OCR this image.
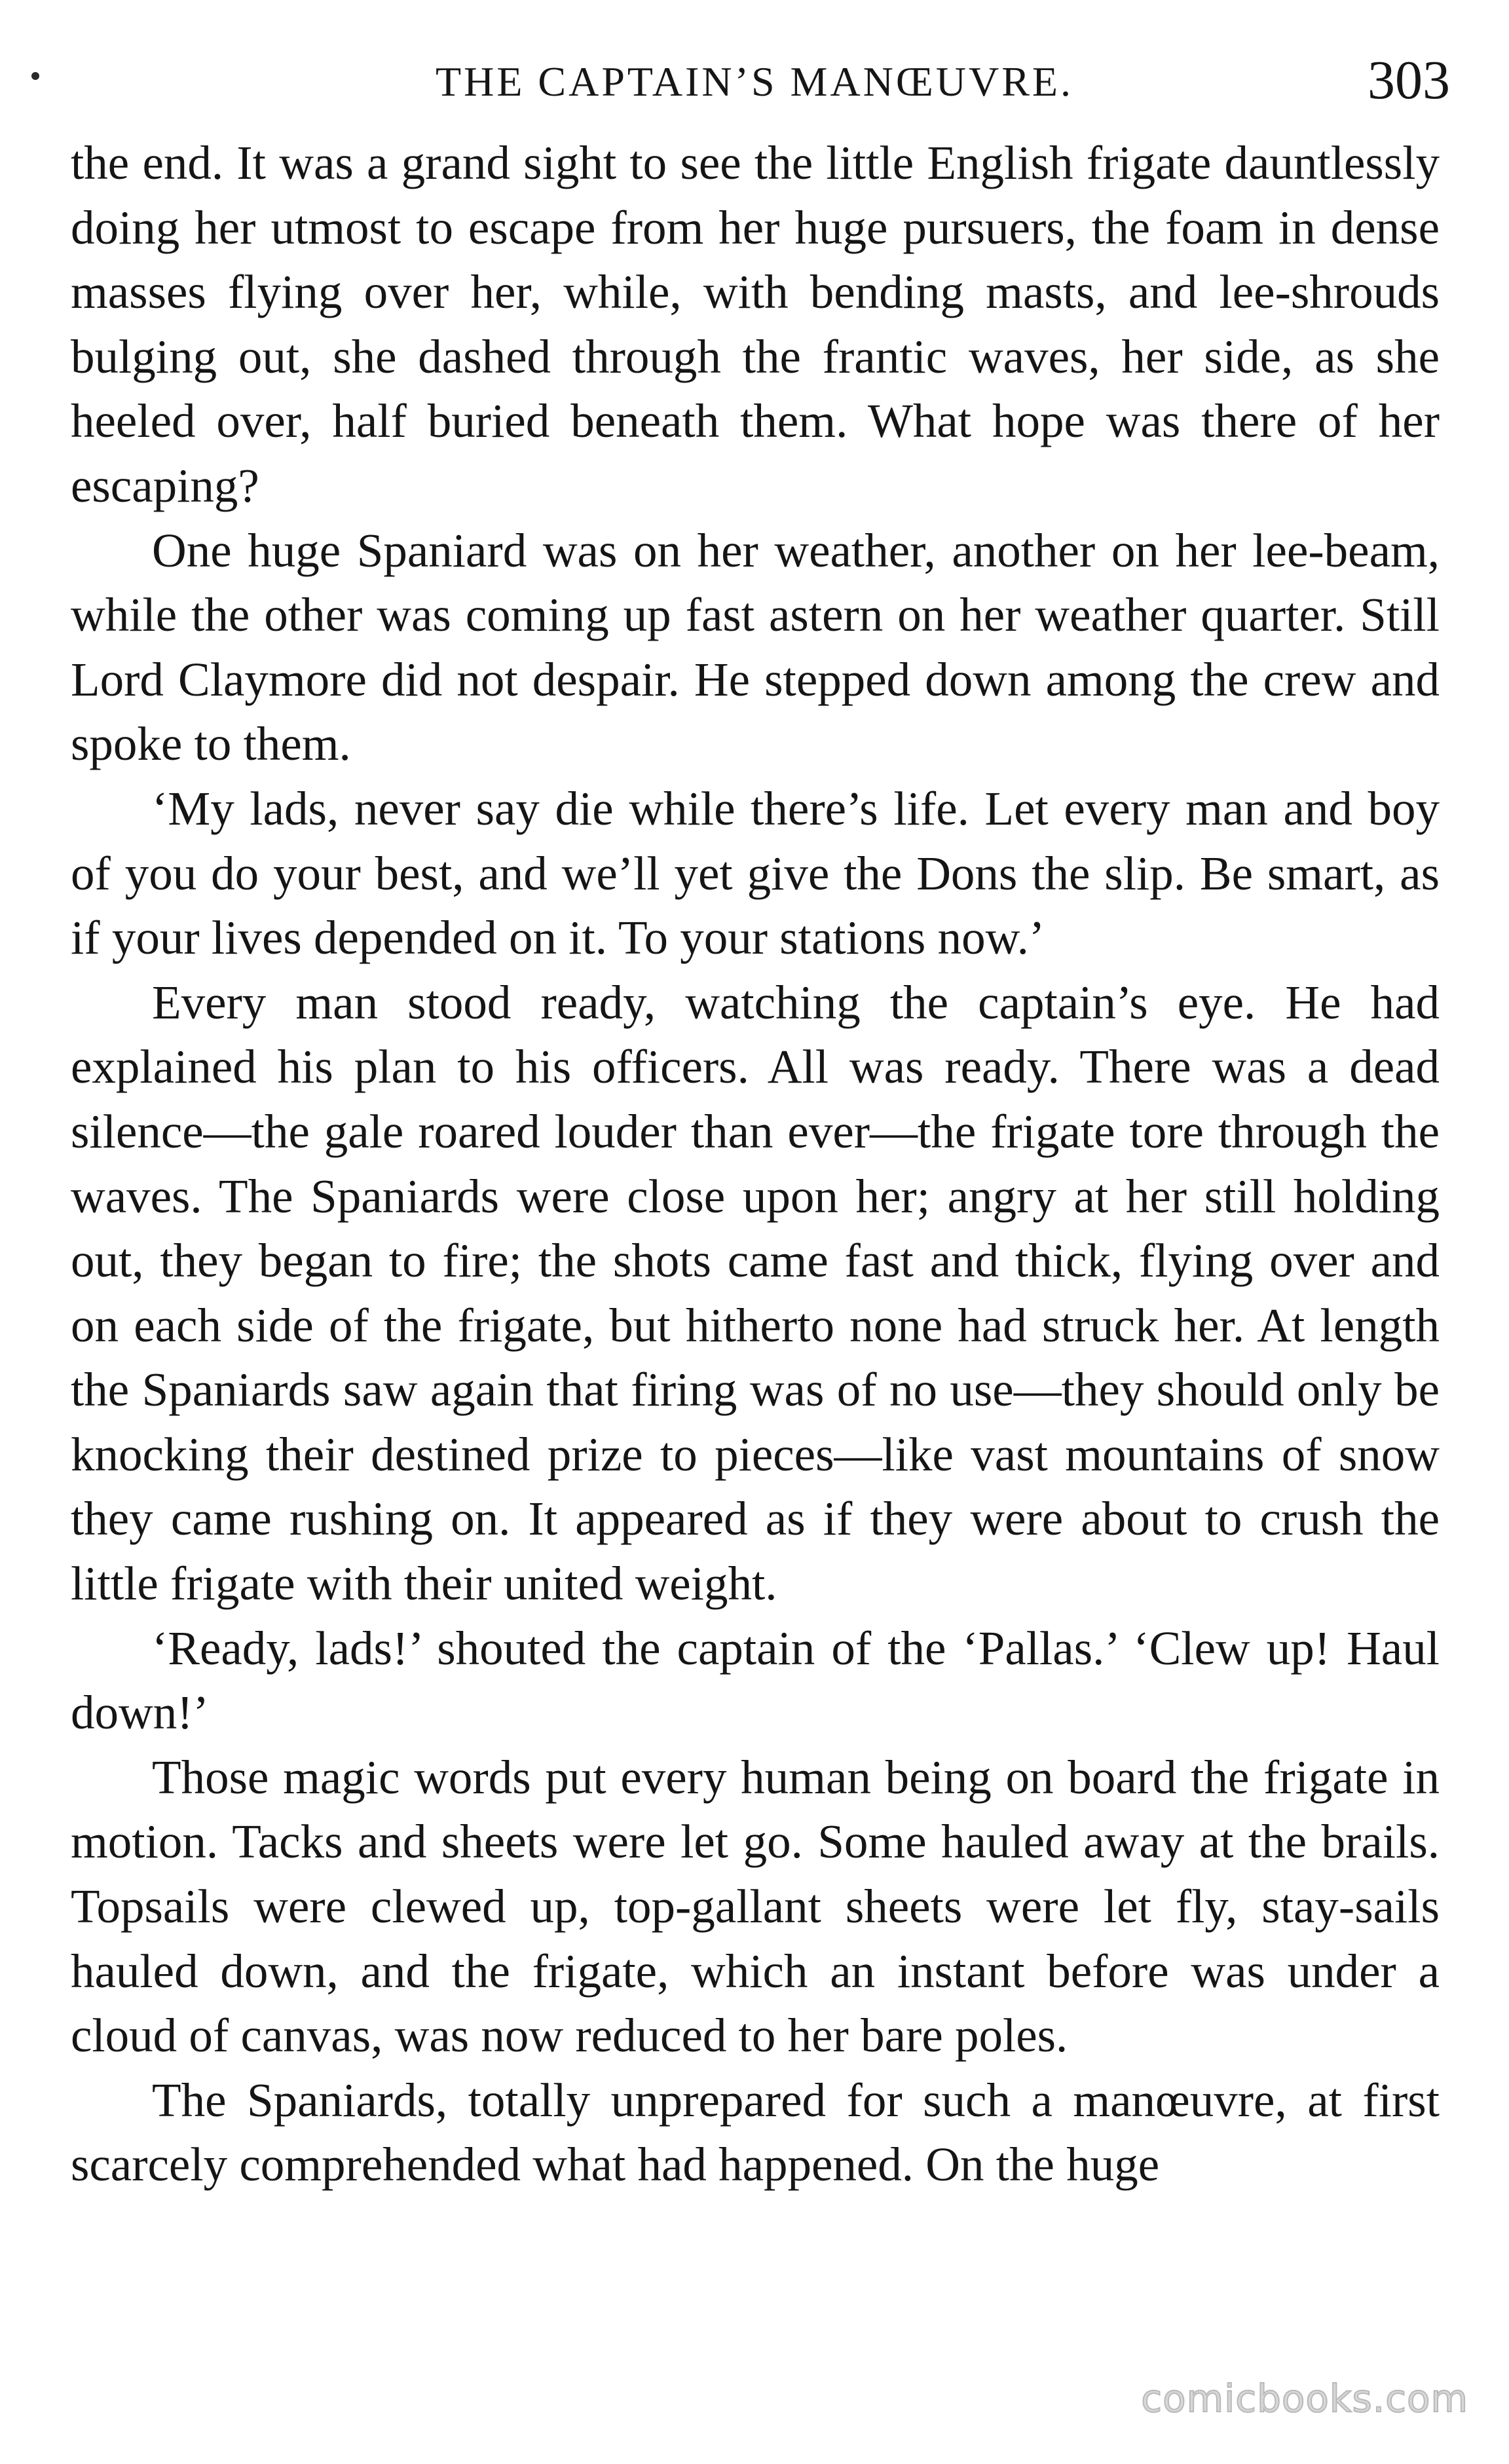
THE CAPTAIN’S MANŒUVRE.	303

the end. It was a grand sight to see the little English frigate dauntlessly doing her utmost to escape from her huge pursuers, the foam in dense masses flying over her, while, with bending masts, and lee-shrouds bulging out, she dashed through the frantic waves, her side, as she heeled over, half buried beneath them. What hope was there of her escaping?

One huge Spaniard was on her weather, another on her lee-beam, while the other was coming up fast astern on her weather quarter. Still Lord Claymore did not despair. He stepped down among the crew and spoke to them.

‘My lads, never say die while there’s life. Let every man and boy of you do your best, and we’ll yet give the Dons the slip. Be smart, as if your lives depended on it. To your stations now.’

Every man stood ready, watching the captain’s eye. He had explained his plan to his officers. All was ready. There was a dead silence—the gale roared louder than ever—the frigate tore through the waves. The Spaniards were close upon her; angry at her still holding out, they began to fire; the shots came fast and thick, flying over and on each side of the frigate, but hitherto none had struck her. At length the Spaniards saw again that firing was of no use—they should only be knocking their destined prize to pieces—like vast mountains of snow they came rushing on. It appeared as if they were about to crush the little frigate with their united weight.

‘Ready, lads!’ shouted the captain of the ‘Pallas.’ ‘Clew up! Haul down!’

Those magic words put every human being on board the frigate in motion. Tacks and sheets were let go. Some hauled away at the brails. Topsails were clewed up, top-gallant sheets were let fly, stay-sails hauled down, and the frigate, which an instant before was under a cloud of canvas, was now reduced to her bare poles.

The Spaniards, totally unprepared for such a manœuvre, at first scarcely comprehended what had happened. On the huge

comicbooks.com
